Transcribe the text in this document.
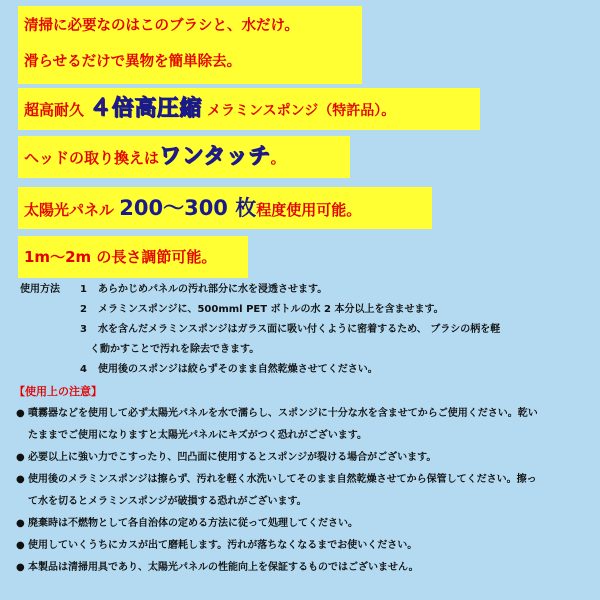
清掃に必要なのはこのブラシと、水だけ。
滑らせるだけで異物を簡単除去。
超高耐久 ４倍高圧縮 メラミンスポンジ（特許品）。
ヘッドの取り換えはワンタッチ。
太陽光パネル 200〜300 枚程度使用可能。
1m〜2m の長さ調節可能。
使用方法	1	あらかじめパネルの汚れ部分に水を浸透させます。
2	メラミンスポンジに、500mml PET ボトルの水 2 本分以上を含ませます。
3	水を含んだメラミンスポンジはガラス面に吸い付くように密着するため、 ブラシの柄を軽
く動かすことで汚れを除去できます。
4	使用後のスポンジは絞らずそのまま自然乾燥させてください。
【使用上の注意】
● 噴霧器などを使用して必ず太陽光パネルを水で濡らし、スポンジに十分な水を含ませてからご使用ください。乾い
たままでご使用になりますと太陽光パネルにキズがつく恐れがございます。
● 必要以上に強い力でこすったり、凹凸面に使用するとスポンジが裂ける場合がございます。
● 使用後のメラミンスポンジは擦らず、汚れを軽く水洗いしてそのまま自然乾燥させてから保管してください。擦っ
て水を切るとメラミンスポンジが破損する恐れがございます。
● 廃棄時は不燃物として各自治体の定める方法に従って処理してください。
● 使用していくうちにカスが出て磨耗します。汚れが落ちなくなるまでお使いください。
● 本製品は清掃用具であり、太陽光パネルの性能向上を保証するものではございません。
